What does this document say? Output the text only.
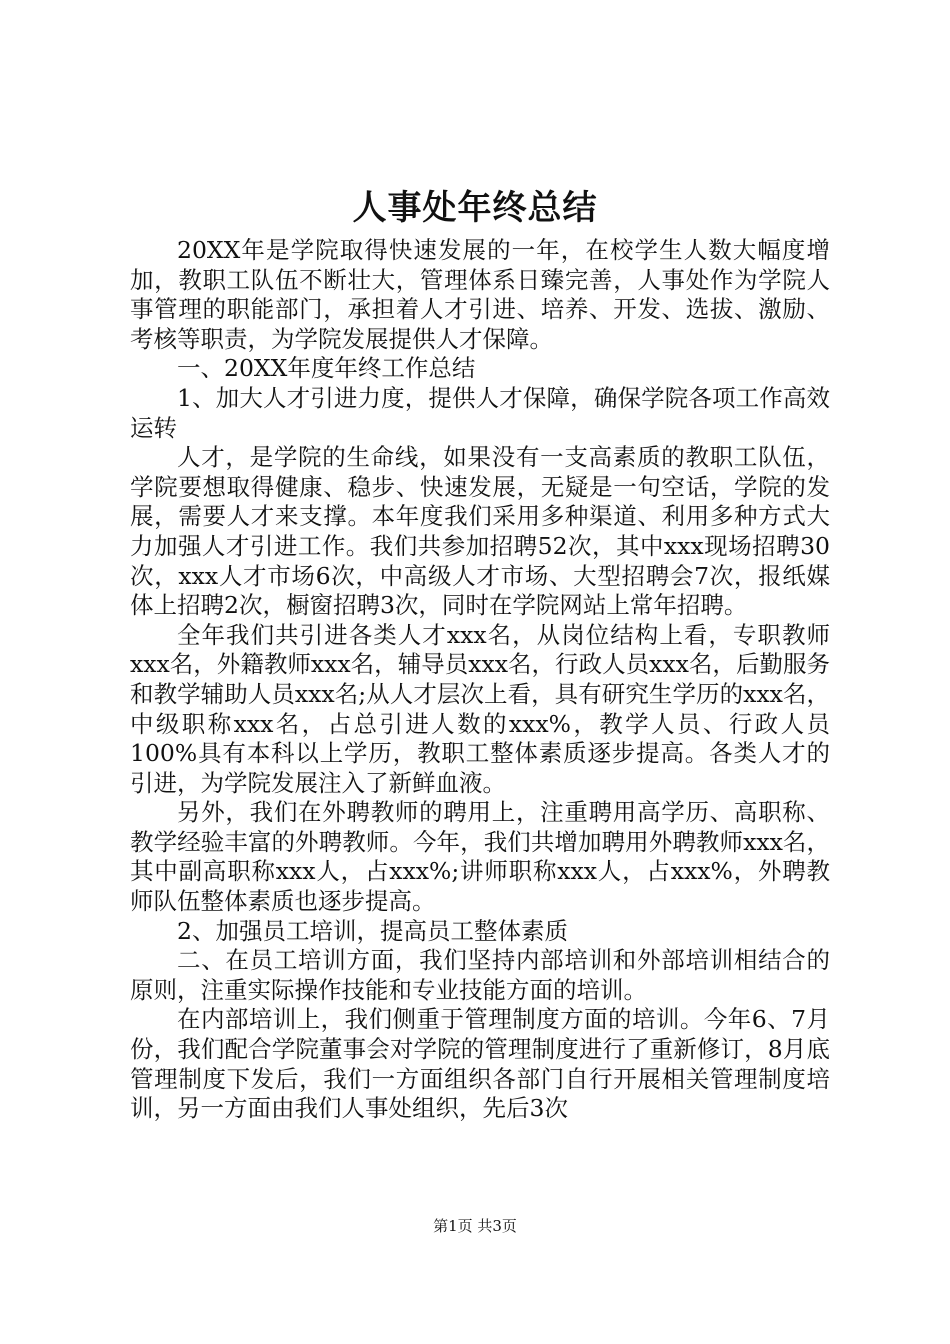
人事处年终总结

20XX年是学院取得快速发展的一年，在校学生人数大幅度增加，教职工队伍不断壮大，管理体系日臻完善，人事处作为学院人事管理的职能部门，承担着人才引进、培养、开发、选拔、激励、考核等职责，为学院发展提供人才保障。

一、20XX年度年终工作总结

1、加大人才引进力度，提供人才保障，确保学院各项工作高效运转

人才，是学院的生命线，如果没有一支高素质的教职工队伍，学院要想取得健康、稳步、快速发展，无疑是一句空话，学院的发展，需要人才来支撑。本年度我们采用多种渠道、利用多种方式大力加强人才引进工作。我们共参加招聘52次，其中xxx现场招聘30次，xxx人才市场6次，中高级人才市场、大型招聘会7次，报纸媒体上招聘2次，橱窗招聘3次，同时在学院网站上常年招聘。

全年我们共引进各类人才xxx名，从岗位结构上看，专职教师xxx名，外籍教师xxx名，辅导员xxx名，行政人员xxx名，后勤服务和教学辅助人员xxx名;从人才层次上看，具有研究生学历的xxx名，中级职称xxx名，占总引进人数的xxx%，教学人员、行政人员100%具有本科以上学历，教职工整体素质逐步提高。各类人才的引进，为学院发展注入了新鲜血液。

另外，我们在外聘教师的聘用上，注重聘用高学历、高职称、教学经验丰富的外聘教师。今年，我们共增加聘用外聘教师xxx名，其中副高职称xxx人，占xxx%;讲师职称xxx人，占xxx%，外聘教师队伍整体素质也逐步提高。

2、加强员工培训，提高员工整体素质

二、在员工培训方面，我们坚持内部培训和外部培训相结合的原则，注重实际操作技能和专业技能方面的培训。

在内部培训上，我们侧重于管理制度方面的培训。今年6、7月份，我们配合学院董事会对学院的管理制度进行了重新修订，8月底管理制度下发后，我们一方面组织各部门自行开展相关管理制度培训，另一方面由我们人事处组织，先后3次

第1页 共3页
